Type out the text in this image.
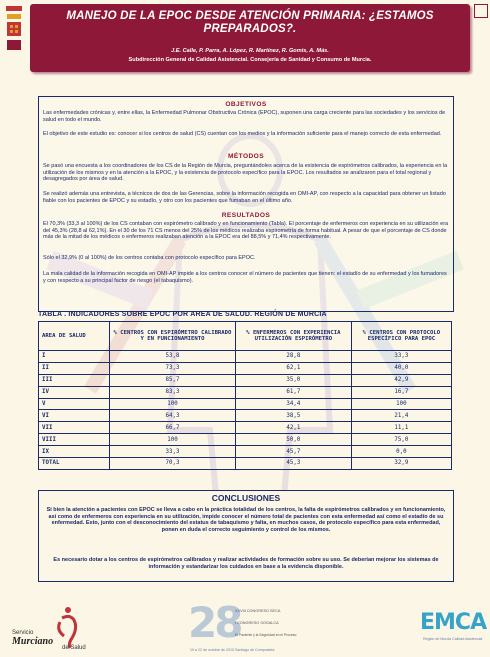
MANEJO DE LA EPOC DESDE ATENCIÓN PRIMARIA: ¿ESTAMOS
PREPARADOS?.
J.E. Calle, P. Parra, A. López, R. Martínez, R. Gomis, A. Más.
Subdirección General de Calidad Asistencial. Consejería de Sanidad y Consumo de Murcia.
OBJETIVOS
Las enfermedades crónicas y, entre ellas, la Enfermedad Pulmonar Obstructiva Crónica (EPOC), suponen una carga creciente para las sociedades y los servicios de salud en todo el mundo.
El objetivo de este estudio es: conocer si los centros de salud (CS) cuentan con los medios y la información suficiente para el manejo correcto de esta enfermedad.
MÉTODOS
Se pasó una encuesta a los coordinadores de los CS de la Región de Murcia, preguntándoles acerca de la existencia de espirómetros calibrados, la experiencia en la utilización de los mismos y en la atención a la EPOC, y la existencia de protocolo específico para la EPOC. Los resultados se analizaron para el total regional y desagregados por área de salud.
Se realizó además una entrevista, a técnicos de dos de las Gerencias, sobre la información recogida en OMI-AP, con respecto a la capacidad para obtener un listado fiable con los pacientes de EPOC y su estadío, y otro con los pacientes que fumaban en el último año.
RESULTADOS
El 70,3% (33,3 al 100%) de los CS contaban con espirómetro calibrado y en funcionamiento (Tabla). El porcentaje de enfermeros con experiencia en su utilización era del 45,3% (28,8 al 62,1%). En el 30 de los 71 CS menos del 25% de los médicos realizaba espirometría de forma habitual. A pesar de que el porcentaje de CS donde más de la mitad de los médicos o enfermeros realizaban atención a la EPOC era del 88,5% y 71,4% respectivamente.
Sólo el 32,9% (0 al 100%) de los centros contaba con protocolo específico para EPOC.
La mala calidad de la información recogida en OMI-AP impide a los centros conocer el número de pacientes que tienen: el estadío de su enfermedad y los fumadores y con respecto a su principal factor de riesgo (el tabaquismo).
TABLA . INDICADORES SOBRE EPOC POR AREA DE SALUD. REGIÓN DE MURCIA
AREA DE SALUD	% CENTROS CON ESPIRÓMETRO CALIBRADO Y EN FUNCIONAMIENTO	% ENFERMEROS CON EXPERIENCIA UTILIZACIÓN ESPIRÓMETRO	% CENTROS CON PROTOCOLO ESPECÍFICO PARA EPOC
I	53,8	28,8	33,3
II	73,3	62,1	40,0
III	85,7	35,0	42,9
IV	83,3	61,7	16,7
V	100	34,4	100
VI	64,3	38,5	21,4
VII	66,7	42,1	11,1
VIII	100	50,0	75,0
IX	33,3	45,7	0,0
TOTAL	70,3	45,3	32,9
CONCLUSIONES
Si bien la atención a pacientes con EPOC se lleva a cabo en la práctica totalidad de los centros, la falta de espirómetros calibrados y en funcionamiento, así como de enfermeros con experiencia en su utilización, impide conocer el número total de pacientes con esta enfermedad así como el estadío de su enfermedad. Esto, junto con el desconocimiento del estatus de tabaquismo y falta, en muchos casos, de protocolo específico para esta enfermedad, ponen en duda el correcto seguimiento y control de los mismos.
Es necesario dotar a los centros de espirómetros calibrados y realizar actividades de formación sobre su uso. Se deberían mejorar los sistemas de información y estandarizar los cuidados en base a la evidencia disponible.
Servicio
Murciano
de Salud
28
XXVIII CONGRESO SECA
I CONGRESO SOGALCA
El Paciente y la Seguridad en el Proceso
19 a 22 de octubre de 2010 Santiago de Compostela
EMCA
Región de Murcia Calidad Asistencial
